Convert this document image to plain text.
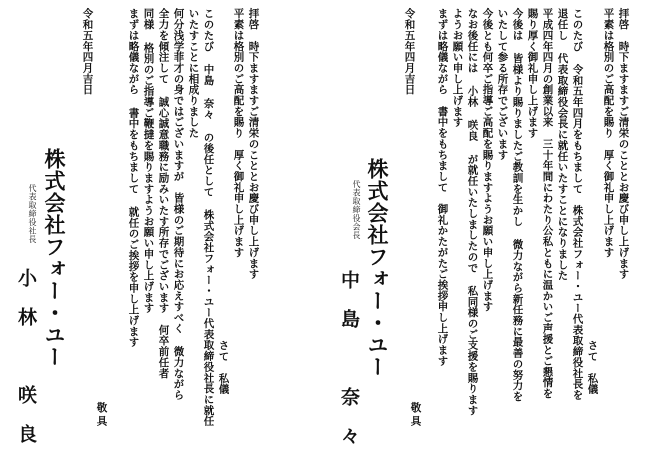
拝啓　時下ますますご清栄のこととお慶び申し上げます
平素は格別のご高配を賜り　厚く御礼申し上げます
さて　私儀
このたび 令和五年四月をもちまして　株式会社フォー・ユー代表取締役社長を
退任し 代表取締役会長に就任いたすことになりました
平成四年四月の創業以来　三十年間にわたり公私ともに温かいご声援とご懇情を
賜り厚く御礼申し上げます
今後は 皆様より賜りましたご教訓を生かし 微力ながら新任務に最善の努力を
いたして参る所存でございます
今後とも何卒ご指導ご高配を賜りますようお願い申し上げます
なお後任には 小林 咲良 が就任いたしましたので 私同様のご支援を賜ります
ようお願い申し上げます
まずは略儀ながら　書中をもちまして　御礼かたがたご挨拶申し上げます
令和五年四月吉日
株式会社フォー・ユー
代表取締役会長
中島　奈々	敬具
拝啓　時下ますますご清栄のこととお慶び申し上げます
平素は格別のご高配を賜り　厚く御礼申し上げます
さて　私儀
このたび 中島 奈々 の後任として 株式会社フォー・ユー代表取締役社長に就任
いたすことに相成りました
何分浅学菲才の身ではございますが　皆様のご期待にお応えすべく 微力ながら
全力を傾注して 誠心誠意職務に励みいたす所存でございます　何卒前任者
同様 格別のご指導ご鞭撻を賜りますようお願い申し上げます
まずは略儀ながら 書中をもちまして 就任のご挨拶を申し上げます
令和五年四月吉日
株式会社フォー・ユー
代表取締役社長
小林　咲良	敬具
